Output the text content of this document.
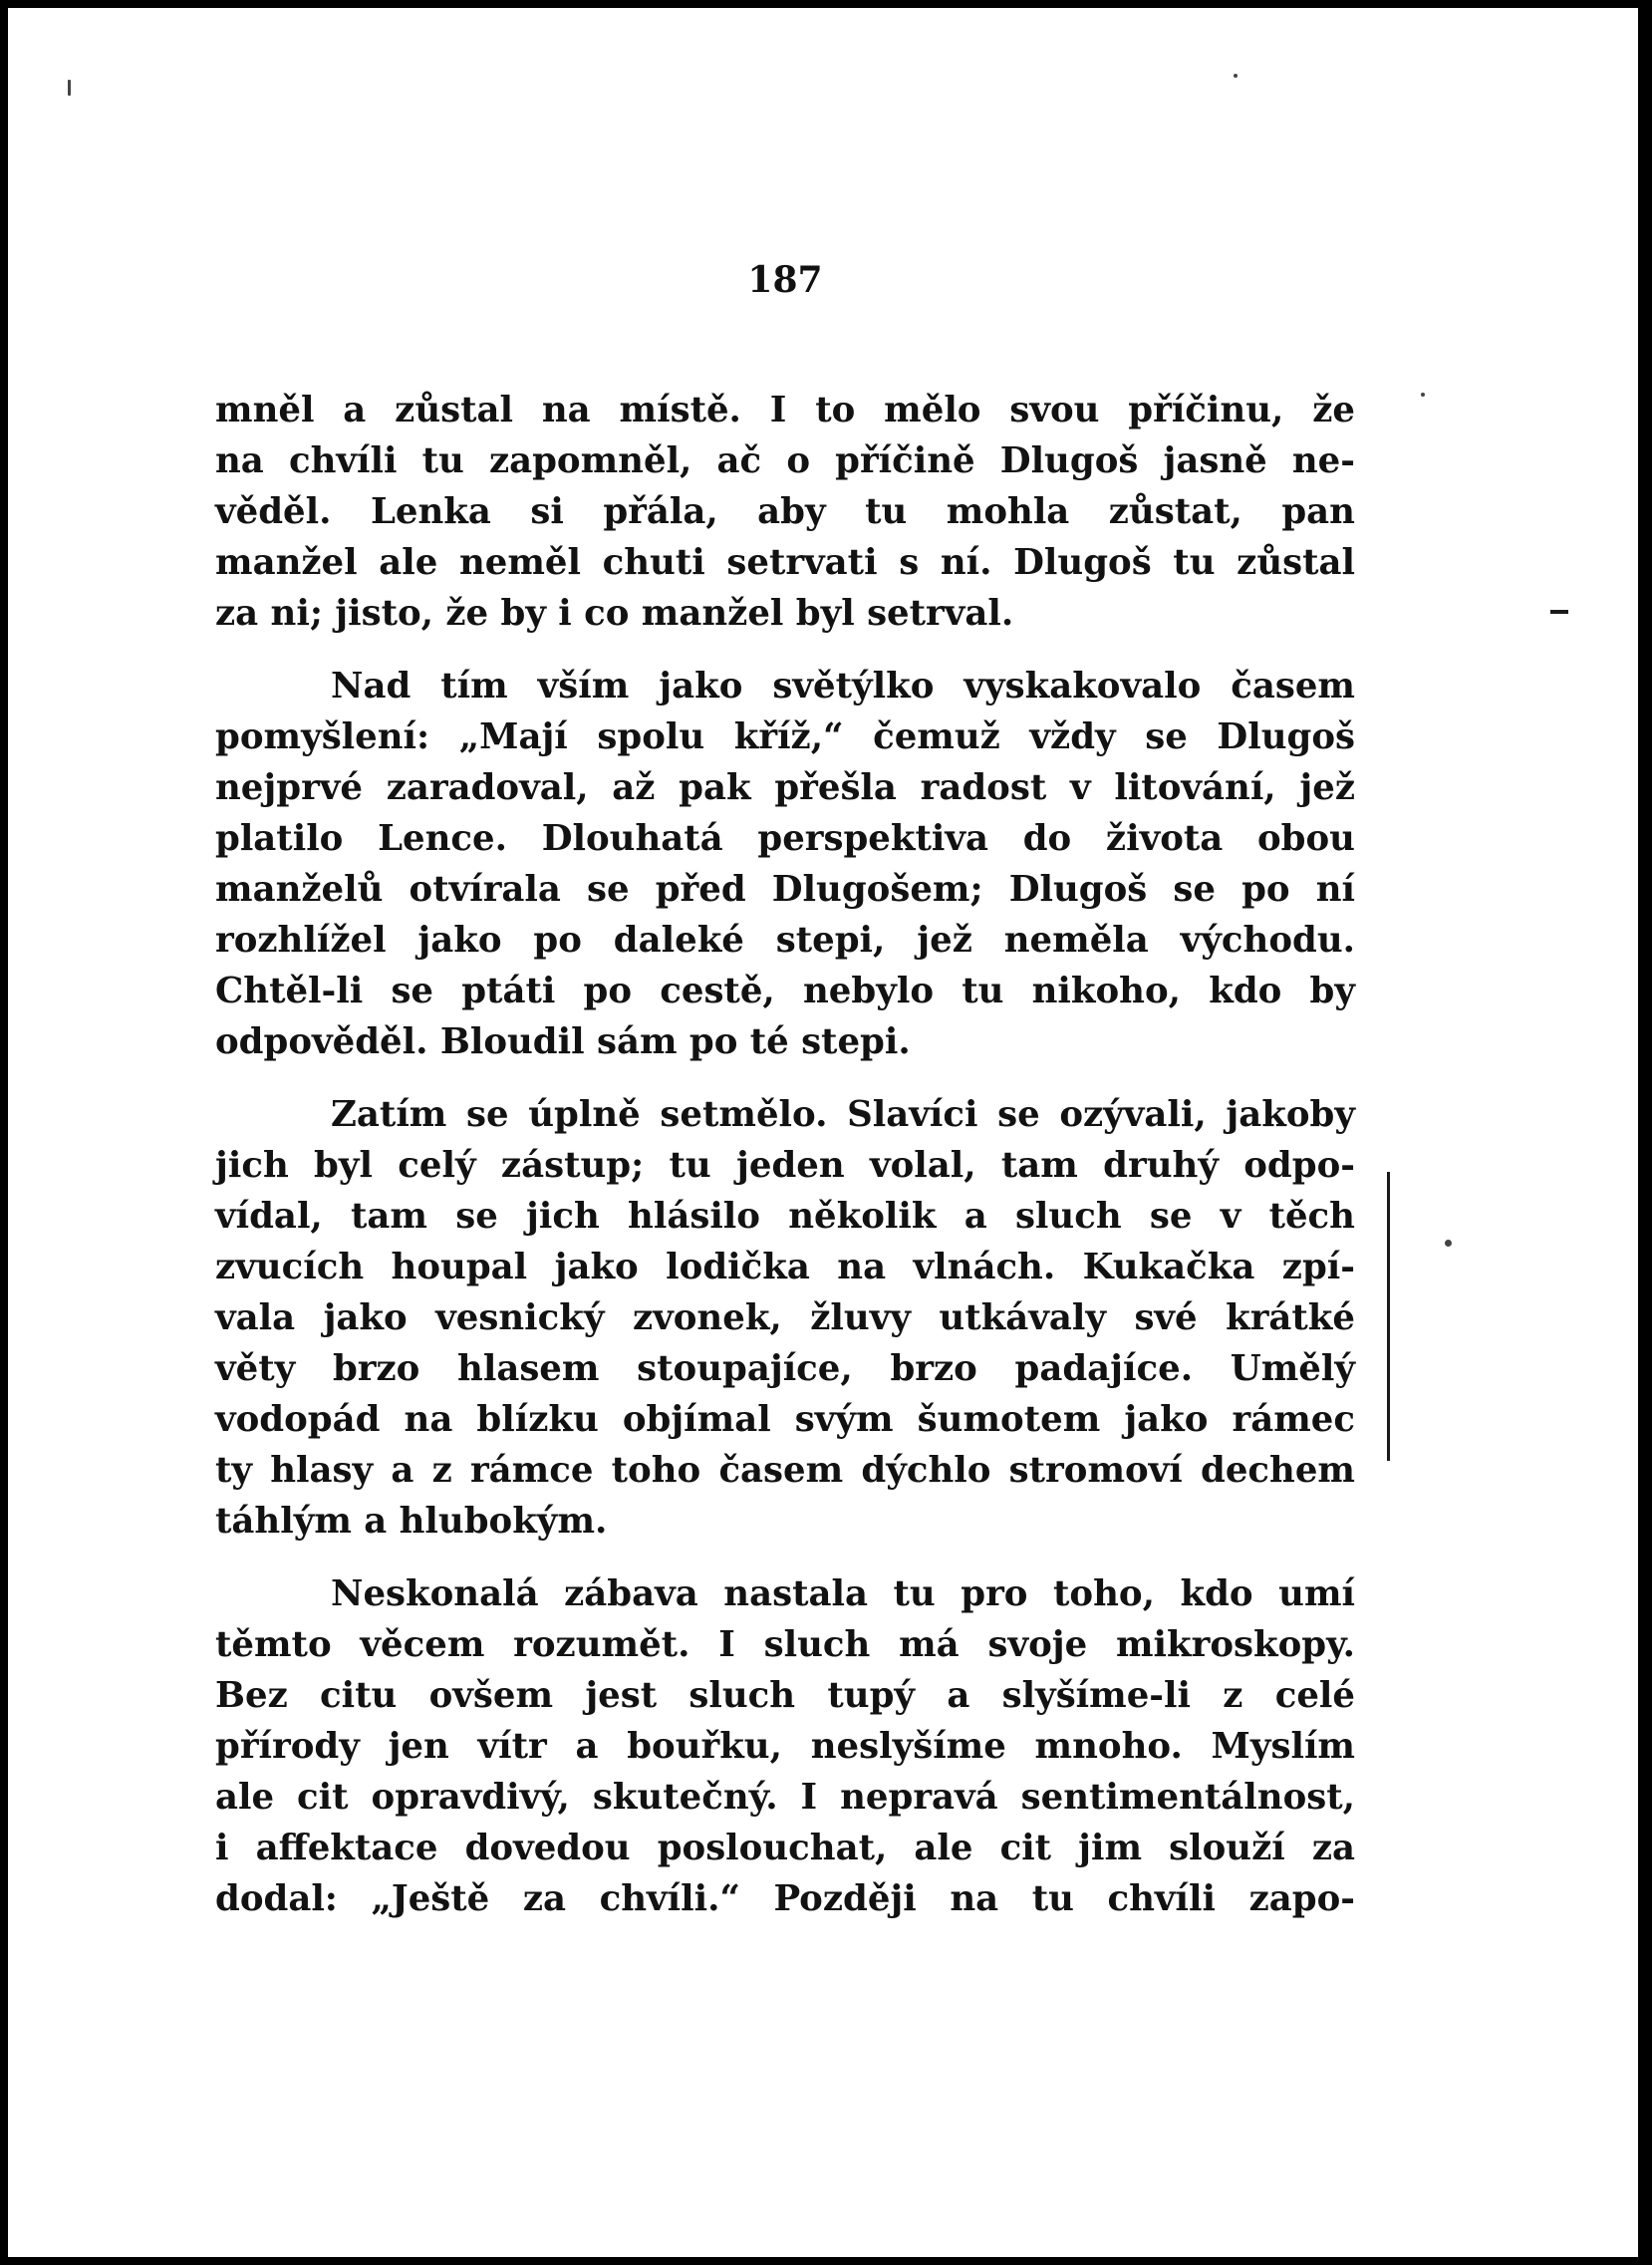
187
mněl a zůstal na místě. I to mělo svou příčinu, že
na chvíli tu zapomněl, ač o příčině Dlugoš jasně ne-
věděl. Lenka si přála, aby tu mohla zůstat, pan
manžel ale neměl chuti setrvati s ní. Dlugoš tu zůstal
za ni; jisto, že by i co manžel byl setrval.
Nad tím vším jako světýlko vyskakovalo časem
pomyšlení: „Mají spolu kříž,“ čemuž vždy se Dlugoš
nejprvé zaradoval, až pak přešla radost v litování, jež
platilo Lence. Dlouhatá perspektiva do života obou
manželů otvírala se před Dlugošem; Dlugoš se po ní
rozhlížel jako po daleké stepi, jež neměla východu.
Chtěl-li se ptáti po cestě, nebylo tu nikoho, kdo by
odpověděl. Bloudil sám po té stepi.
Zatím se úplně setmělo. Slavíci se ozývali, jakoby
jich byl celý zástup; tu jeden volal, tam druhý odpo-
vídal, tam se jich hlásilo několik a sluch se v těch
zvucích houpal jako lodička na vlnách. Kukačka zpí-
vala jako vesnický zvonek, žluvy utkávaly své krátké
věty brzo hlasem stoupajíce, brzo padajíce. Umělý
vodopád na blízku objímal svým šumotem jako rámec
ty hlasy a z rámce toho časem dýchlo stromoví dechem
táhlým a hlubokým.
Neskonalá zábava nastala tu pro toho, kdo umí
těmto věcem rozumět. I sluch má svoje mikroskopy.
Bez citu ovšem jest sluch tupý a slyšíme-li z celé
přírody jen vítr a bouřku, neslyšíme mnoho. Myslím
ale cit opravdivý, skutečný. I nepravá sentimentálnost,
i affektace dovedou poslouchat, ale cit jim slouží za
dodal: „Ještě za chvíli.“ Později na tu chvíli zapo-
